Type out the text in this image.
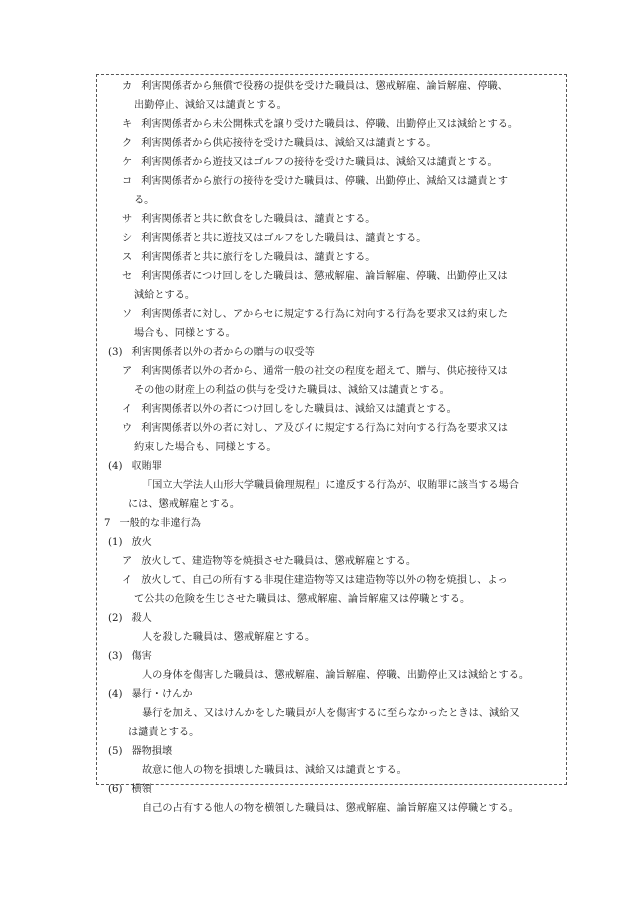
カ 利害関係者から無償で役務の提供を受けた職員は、懲戒解雇、論旨解雇、停職、
出勤停止、減給又は譴責とする。
キ 利害関係者から未公開株式を譲り受けた職員は、停職、出勤停止又は減給とする。
ク 利害関係者から供応接待を受けた職員は、減給又は譴責とする。
ケ 利害関係者から遊技又はゴルフの接待を受けた職員は、減給又は譴責とする。
コ 利害関係者から旅行の接待を受けた職員は、停職、出勤停止、減給又は譴責とす
る。
サ 利害関係者と共に飲食をした職員は、譴責とする。
シ 利害関係者と共に遊技又はゴルフをした職員は、譴責とする。
ス 利害関係者と共に旅行をした職員は、譴責とする。
セ 利害関係者につけ回しをした職員は、懲戒解雇、論旨解雇、停職、出勤停止又は
減給とする。
ソ 利害関係者に対し、アからセに規定する行為に対向する行為を要求又は約束した
場合も、同様とする。
(3) 利害関係者以外の者からの贈与の収受等
ア 利害関係者以外の者から、通常一般の社交の程度を超えて、贈与、供応接待又は
その他の財産上の利益の供与を受けた職員は、減給又は譴責とする。
イ 利害関係者以外の者につけ回しをした職員は、減給又は譴責とする。
ウ 利害関係者以外の者に対し、ア及びイに規定する行為に対向する行為を要求又は
約束した場合も、同様とする。
(4) 収賄罪
「国立大学法人山形大学職員倫理規程」に違反する行為が、収賄罪に該当する場合
には、懲戒解雇とする。
7 一般的な非違行為
(1) 放火
ア 放火して、建造物等を焼損させた職員は、懲戒解雇とする。
イ 放火して、自己の所有する非現住建造物等又は建造物等以外の物を焼損し、よっ
て公共の危険を生じさせた職員は、懲戒解雇、論旨解雇又は停職とする。
(2) 殺人
人を殺した職員は、懲戒解雇とする。
(3) 傷害
人の身体を傷害した職員は、懲戒解雇、論旨解雇、停職、出勤停止又は減給とする。
(4) 暴行・けんか
暴行を加え、又はけんかをした職員が人を傷害するに至らなかったときは、減給又
は譴責とする。
(5) 器物損壊
故意に他人の物を損壊した職員は、減給又は譴責とする。
(6) 横領
自己の占有する他人の物を横領した職員は、懲戒解雇、論旨解雇又は停職とする。
